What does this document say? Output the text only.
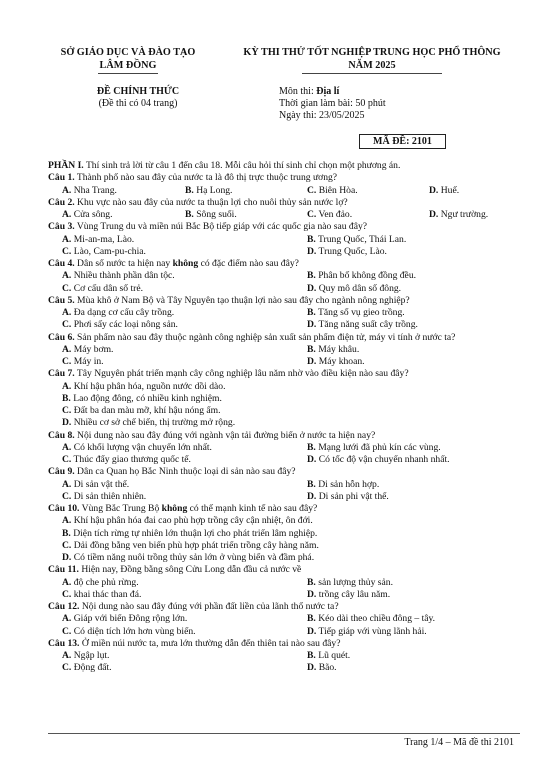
SỞ GIÁO DỤC VÀ ĐÀO TẠO
LÂM ĐỒNG
KỲ THI THỬ TỐT NGHIỆP TRUNG HỌC PHỔ THÔNG
NĂM 2025
ĐỀ CHÍNH THỨC
(Đề thi có 04 trang)
Môn thi: Địa lí
Thời gian làm bài: 50 phút
Ngày thi: 23/05/2025
MÃ ĐỀ: 2101
PHẦN I. Thí sinh trả lời từ câu 1 đến câu 18. Mỗi câu hỏi thí sinh chỉ chọn một phương án.
Câu 1. Thành phố nào sau đây của nước ta là đô thị trực thuộc trung ương?
A. Nha Trang.	B. Hạ Long.	C. Biên Hòa.	D. Huế.
Câu 2. Khu vực nào sau đây của nước ta thuận lợi cho nuôi thủy sản nước lợ?
A. Cửa sông.	B. Sông suối.	C. Ven đảo.	D. Ngư trường.
Câu 3. Vùng Trung du và miền núi Bắc Bộ tiếp giáp với các quốc gia nào sau đây?
A. Mi-an-ma, Lào.	B. Trung Quốc, Thái Lan.
C. Lào, Cam-pu-chia.	D. Trung Quốc, Lào.
Câu 4. Dân số nước ta hiện nay không có đặc điểm nào sau đây?
A. Nhiều thành phần dân tộc.	B. Phân bố không đồng đều.
C. Cơ cấu dân số trẻ.	D. Quy mô dân số đông.
Câu 5. Mùa khô ở Nam Bộ và Tây Nguyên tạo thuận lợi nào sau đây cho ngành nông nghiệp?
A. Đa dạng cơ cấu cây trồng.	B. Tăng số vụ gieo trồng.
C. Phơi sấy các loại nông sản.	D. Tăng năng suất cây trồng.
Câu 6. Sản phẩm nào sau đây thuộc ngành công nghiệp sản xuất sản phẩm điện tử, máy vi tính ở nước ta?
A. Máy bơm.	B. Máy khâu.
C. Máy in.	D. Máy khoan.
Câu 7. Tây Nguyên phát triển mạnh cây công nghiệp lâu năm nhờ vào điều kiện nào sau đây?
A. Khí hậu phân hóa, nguồn nước dồi dào.
B. Lao động đông, có nhiều kinh nghiệm.
C. Đất ba dan màu mỡ, khí hậu nóng ẩm.
D. Nhiều cơ sở chế biến, thị trường mở rộng.
Câu 8. Nội dung nào sau đây đúng với ngành vận tải đường biển ở nước ta hiện nay?
A. Có khối lượng vận chuyển lớn nhất.	B. Mạng lưới đã phủ kín các vùng.
C. Thúc đẩy giao thương quốc tế.	D. Có tốc độ vận chuyển nhanh nhất.
Câu 9. Dân ca Quan họ Bắc Ninh thuộc loại di sản nào sau đây?
A. Di sản vật thể.	B. Di sản hỗn hợp.
C. Di sản thiên nhiên.	D. Di sản phi vật thể.
Câu 10. Vùng Bắc Trung Bộ không có thế mạnh kinh tế nào sau đây?
A. Khí hậu phân hóa đai cao phù hợp trồng cây cận nhiệt, ôn đới.
B. Diện tích rừng tự nhiên lớn thuận lợi cho phát triển lâm nghiệp.
C. Dải đồng bằng ven biển phù hợp phát triển trồng cây hàng năm.
D. Có tiềm năng nuôi trồng thủy sản lớn ở vùng biển và đầm phá.
Câu 11. Hiện nay, Đồng bằng sông Cửu Long dẫn đầu cả nước về
A. độ che phủ rừng.	B. sản lượng thủy sản.
C. khai thác than đá.	D. trồng cây lâu năm.
Câu 12. Nội dung nào sau đây đúng với phần đất liền của lãnh thổ nước ta?
A. Giáp với biển Đông rộng lớn.	B. Kéo dài theo chiều đông – tây.
C. Có diện tích lớn hơn vùng biển.	D. Tiếp giáp với vùng lãnh hải.
Câu 13. Ở miền núi nước ta, mưa lớn thường dẫn đến thiên tai nào sau đây?
A. Ngập lụt.	B. Lũ quét.
C. Động đất.	D. Bão.
Trang 1/4 – Mã đề thi 2101
